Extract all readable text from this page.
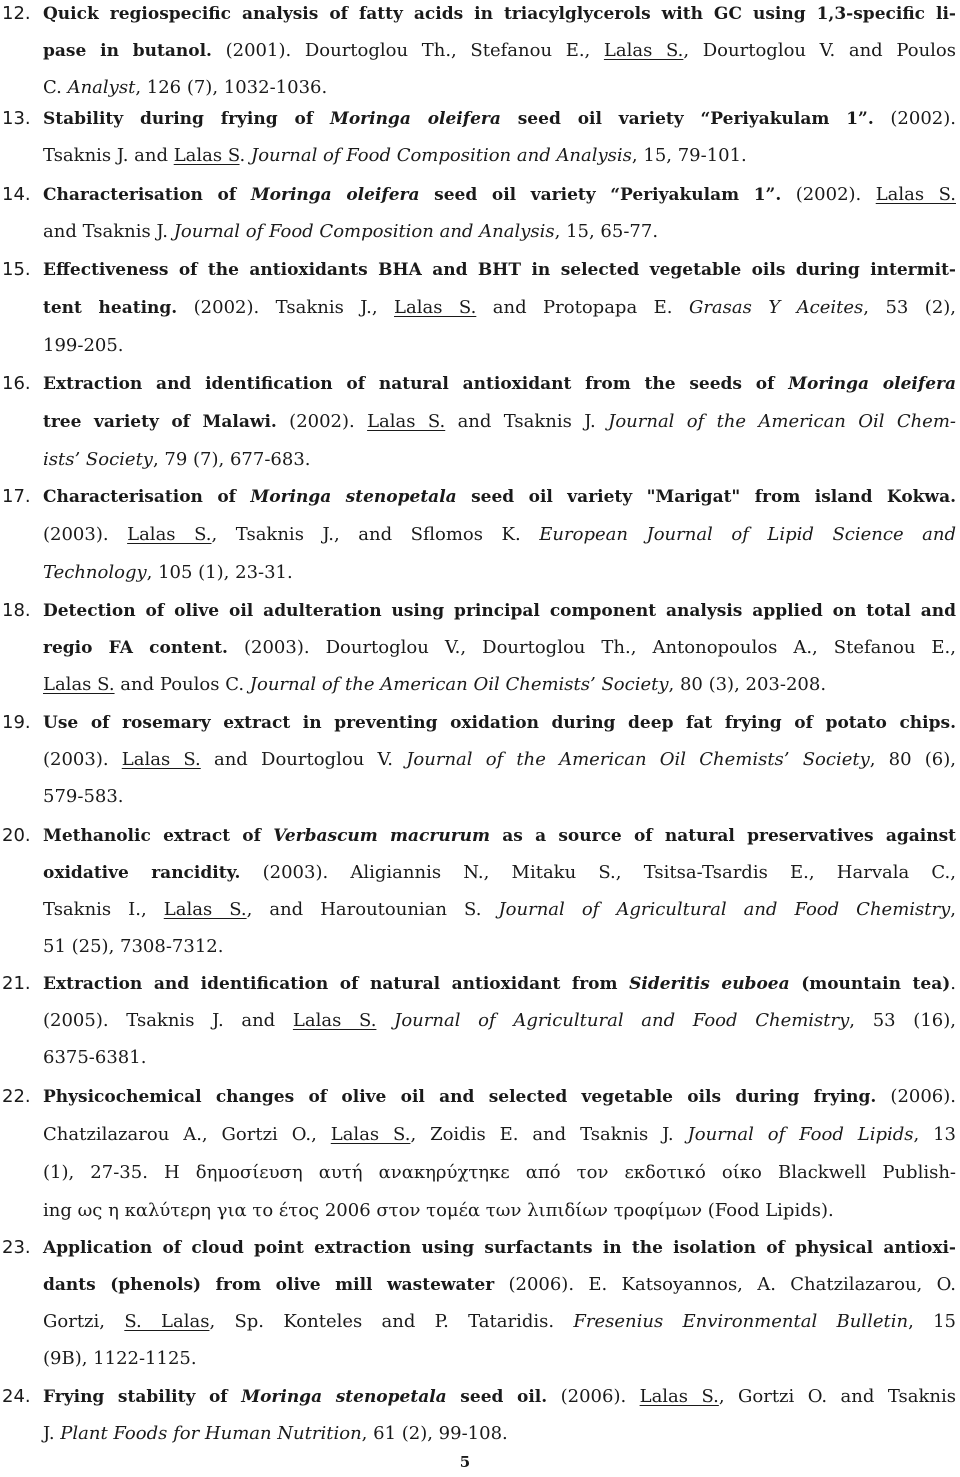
12. Quick regiospecific analysis of fatty acids in triacylglycerols with GC using 1,3-specific li-
pase in butanol. (2001). Dourtoglou Th., Stefanou E., Lalas S., Dourtoglou V. and Poulos
C. Analyst, 126 (7), 1032-1036.
13. Stability during frying of Moringa oleifera seed oil variety “Periyakulam 1”. (2002).
Tsaknis J. and Lalas S. Journal of Food Composition and Analysis, 15, 79-101.
14. Characterisation of Moringa oleifera seed oil variety “Periyakulam 1”. (2002). Lalas S.
and Tsaknis J. Journal of Food Composition and Analysis, 15, 65-77.
15. Effectiveness of the antioxidants BHA and BHT in selected vegetable oils during intermit-
tent heating. (2002). Tsaknis J., Lalas S. and Protopapa E. Grasas Y Aceites, 53 (2),
199-205.
16. Extraction and identification of natural antioxidant from the seeds of Moringa oleifera
tree variety of Malawi. (2002). Lalas S. and Tsaknis J. Journal of the American Oil Chem-
ists’ Society, 79 (7), 677-683.
17. Characterisation of Moringa stenopetala seed oil variety "Marigat" from island Kokwa.
(2003). Lalas S., Tsaknis J., and Sflomos K. European Journal of Lipid Science and
Technology, 105 (1), 23-31.
18. Detection of olive oil adulteration using principal component analysis applied on total and
regio FA content. (2003). Dourtoglou V., Dourtoglou Th., Antonopoulos A., Stefanou E.,
Lalas S. and Poulos C. Journal of the American Oil Chemists’ Society, 80 (3), 203-208.
19. Use of rosemary extract in preventing oxidation during deep fat frying of potato chips.
(2003). Lalas S. and Dourtoglou V. Journal of the American Oil Chemists’ Society, 80 (6),
579-583.
20. Methanolic extract of Verbascum macrurum as a source of natural preservatives against
oxidative rancidity. (2003). Aligiannis N., Mitaku S., Tsitsa-Tsardis E., Harvala C.,
Tsaknis I., Lalas S., and Haroutounian S. Journal of Agricultural and Food Chemistry,
51 (25), 7308-7312.
21. Extraction and identification of natural antioxidant from Sideritis euboea (mountain tea).
(2005). Tsaknis J. and Lalas S. Journal of Agricultural and Food Chemistry, 53 (16),
6375-6381.
22. Physicochemical changes of olive oil and selected vegetable oils during frying. (2006).
Chatzilazarou A., Gortzi O., Lalas S., Zoidis E. and Tsaknis J. Journal of Food Lipids, 13
(1), 27-35. Η δημοσίευση αυτή ανακηρύχτηκε από τον εκδοτικό οίκο Blackwell Publish-
ing ως η καλύτερη για το έτος 2006 στον τομέα των λιπιδίων τροφίμων (Food Lipids).
23. Application of cloud point extraction using surfactants in the isolation of physical antioxi-
dants (phenols) from olive mill wastewater (2006). E. Katsoyannos, A. Chatzilazarou, O.
Gortzi, S. Lalas, Sp. Konteles and P. Tataridis. Fresenius Environmental Bulletin, 15
(9B), 1122-1125.
24. Frying stability of Moringa stenopetala seed oil. (2006). Lalas S., Gortzi O. and Tsaknis
J. Plant Foods for Human Nutrition, 61 (2), 99-108.
5
